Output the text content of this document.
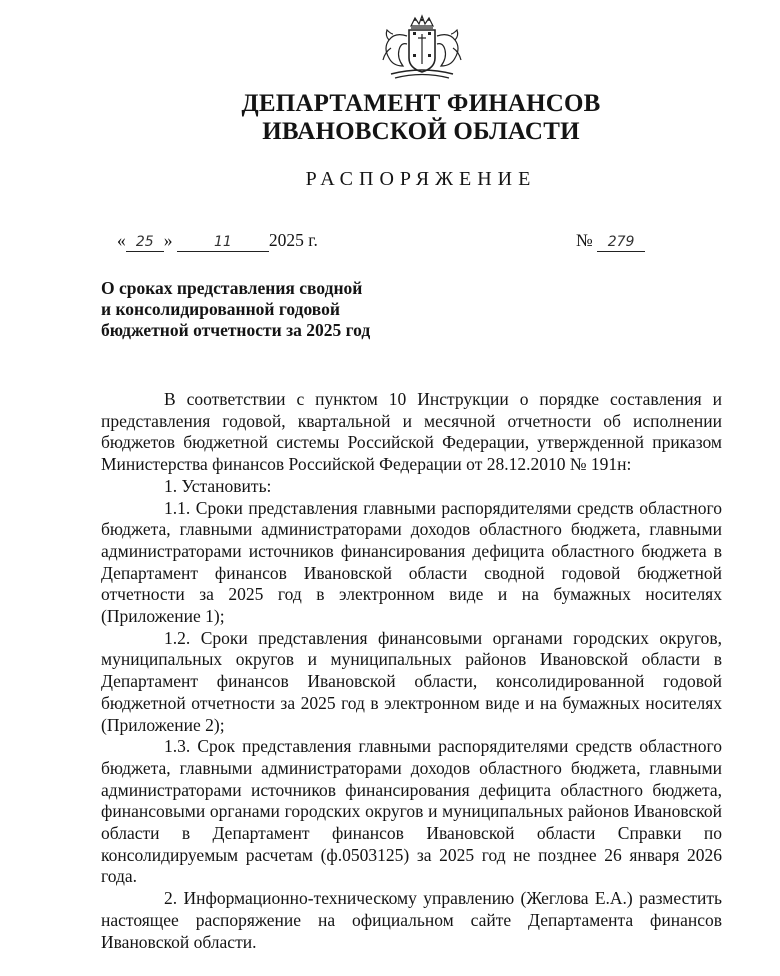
ДЕПАРТАМЕНТ ФИНАНСОВ
ИВАНОВСКОЙ ОБЛАСТИ
РАСПОРЯЖЕНИЕ
« 25 »	11 2025 г.	№ 279
О сроках представления сводной
и консолидированной годовой
бюджетной отчетности за 2025 год

В соответствии с пунктом 10 Инструкции о порядке составления и представления годовой, квартальной и месячной отчетности об исполнении бюджетов бюджетной системы Российской Федерации, утвержденной приказом Министерства финансов Российской Федерации от 28.12.2010 № 191н:

1. Установить:

1.1. Сроки представления главными распорядителями средств областного бюджета, главными администраторами доходов областного бюджета, главными администраторами источников финансирования дефицита областного бюджета в Департамент финансов Ивановской области сводной годовой бюджетной отчетности за 2025 год в электронном виде и на бумажных носителях (Приложение 1);

1.2. Сроки представления финансовыми органами городских округов, муниципальных округов и муниципальных районов Ивановской области в Департамент финансов Ивановской области, консолидированной годовой бюджетной отчетности за 2025 год в электронном виде и на бумажных носителях (Приложение 2);

1.3. Срок представления главными распорядителями средств областного бюджета, главными администраторами доходов областного бюджета, главными администраторами источников финансирования дефицита областного бюджета, финансовыми органами городских округов и муниципальных районов Ивановской области в Департамент финансов Ивановской области Справки по консолидируемым расчетам (ф.0503125) за 2025 год не позднее 26 января 2026 года.

2. Информационно-техническому управлению (Жеглова Е.А.) разместить настоящее распоряжение на официальном сайте Департамента финансов Ивановской области.
